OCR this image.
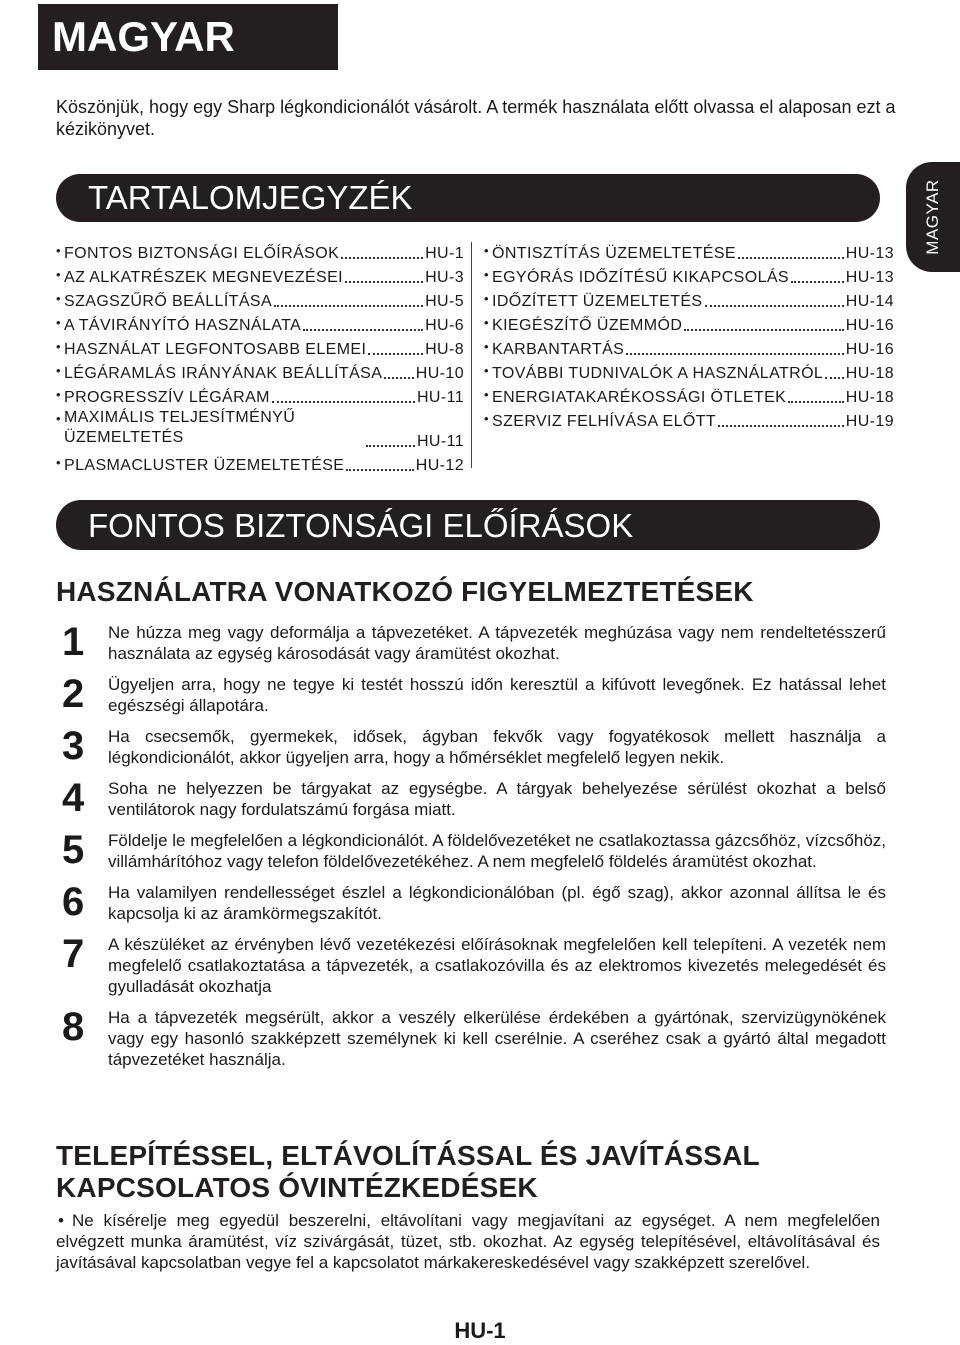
MAGYAR
Köszönjük, hogy egy Sharp légkondicionálót vásárolt. A termék használata előtt olvassa el alaposan ezt a kézikönyvet.
MAGYAR
TARTALOMJEGYZÉK
• FONTOS BIZTONSÁGI ELŐÍRÁSOK	HU-1
• AZ ALKATRÉSZEK MEGNEVEZÉSEI	HU-3
• SZAGSZŰRŐ BEÁLLÍTÁSA	HU-5
• A TÁVIRÁNYÍTÓ HASZNÁLATA	HU-6
• HASZNÁLAT LEGFONTOSABB ELEMEI	HU-8
• LÉGÁRAMLÁS IRÁNYÁNAK BEÁLLÍTÁSA HU-10
• PROGRESSZÍV LÉGÁRAM	HU-11
• MAXIMÁLIS TELJESÍTMÉNYŰ ÜZEMELTETÉS	HU-11
• PLASMACLUSTER ÜZEMELTETÉSE	HU-12
• ÖNTISZTÍTÁS ÜZEMELTETÉSE	HU-13
• EGYÓRÁS IDŐZÍTÉSŰ KIKAPCSOLÁS	HU-13
• IDŐZÍTETT ÜZEMELTETÉS	HU-14
• KIEGÉSZÍTŐ ÜZEMMÓD	HU-16
• KARBANTARTÁS	HU-16
• TOVÁBBI TUDNIVALÓK A HASZNÁLATRÓL HU-18
• ENERGIATAKARÉKOSSÁGI ÖTLETEK	HU-18
• SZERVIZ FELHÍVÁSA ELŐTT	HU-19
FONTOS BIZTONSÁGI ELŐÍRÁSOK
HASZNÁLATRA VONATKOZÓ FIGYELMEZTETÉSEK
1 Ne húzza meg vagy deformálja a tápvezetéket. A tápvezeték meghúzása vagy nem rendeltetésszerű használata az egység károsodását vagy áramütést okozhat.
2 Ügyeljen arra, hogy ne tegye ki testét hosszú időn keresztül a kifúvott levegőnek. Ez hatással lehet egészségi állapotára.
3 Ha csecsemők, gyermekek, idősek, ágyban fekvők vagy fogyatékosok mellett használja a légkondicionálót, akkor ügyeljen arra, hogy a hőmérséklet megfelelő legyen nekik.
4 Soha ne helyezzen be tárgyakat az egységbe. A tárgyak behelyezése sérülést okozhat a belső ventilátorok nagy fordulatszámú forgása miatt.
5 Földelje le megfelelően a légkondicionálót. A földelővezetéket ne csatlakoztassa gázcsőhöz, vízcsőhöz, villámhárítóhoz vagy telefon földelővezetékéhez. A nem megfelelő földelés áramütést okozhat.
6 Ha valamilyen rendellességet észlel a légkondicionálóban (pl. égő szag), akkor azonnal állítsa le és kapcsolja ki az áramkörmegszakítót.
7 A készüléket az érvényben lévő vezetékezési előírásoknak megfelelően kell telepíteni. A vezeték nem megfelelő csatlakoztatása a tápvezeték, a csatlakozóvilla és az elektromos kivezetés melegedését és gyulladását okozhatja
8 Ha a tápvezeték megsérült, akkor a veszély elkerülése érdekében a gyártónak, szervizügynökének vagy egy hasonló szakképzett személynek ki kell cserélnie. A cseréhez csak a gyártó által megadott tápvezetéket használja.
TELEPÍTÉSSEL, ELTÁVOLÍTÁSSAL ÉS JAVÍTÁSSAL KAPCSOLATOS ÓVINTÉZKEDÉSEK
• Ne kísérelje meg egyedül beszerelni, eltávolítani vagy megjavítani az egységet. A nem megfelelően elvégzett munka áramütést, víz szivárgását, tüzet, stb. okozhat. Az egység telepítésével, eltávolításával és javításával kapcsolatban vegye fel a kapcsolatot márkakereskedésével vagy szakképzett szerelővel.
HU-1
